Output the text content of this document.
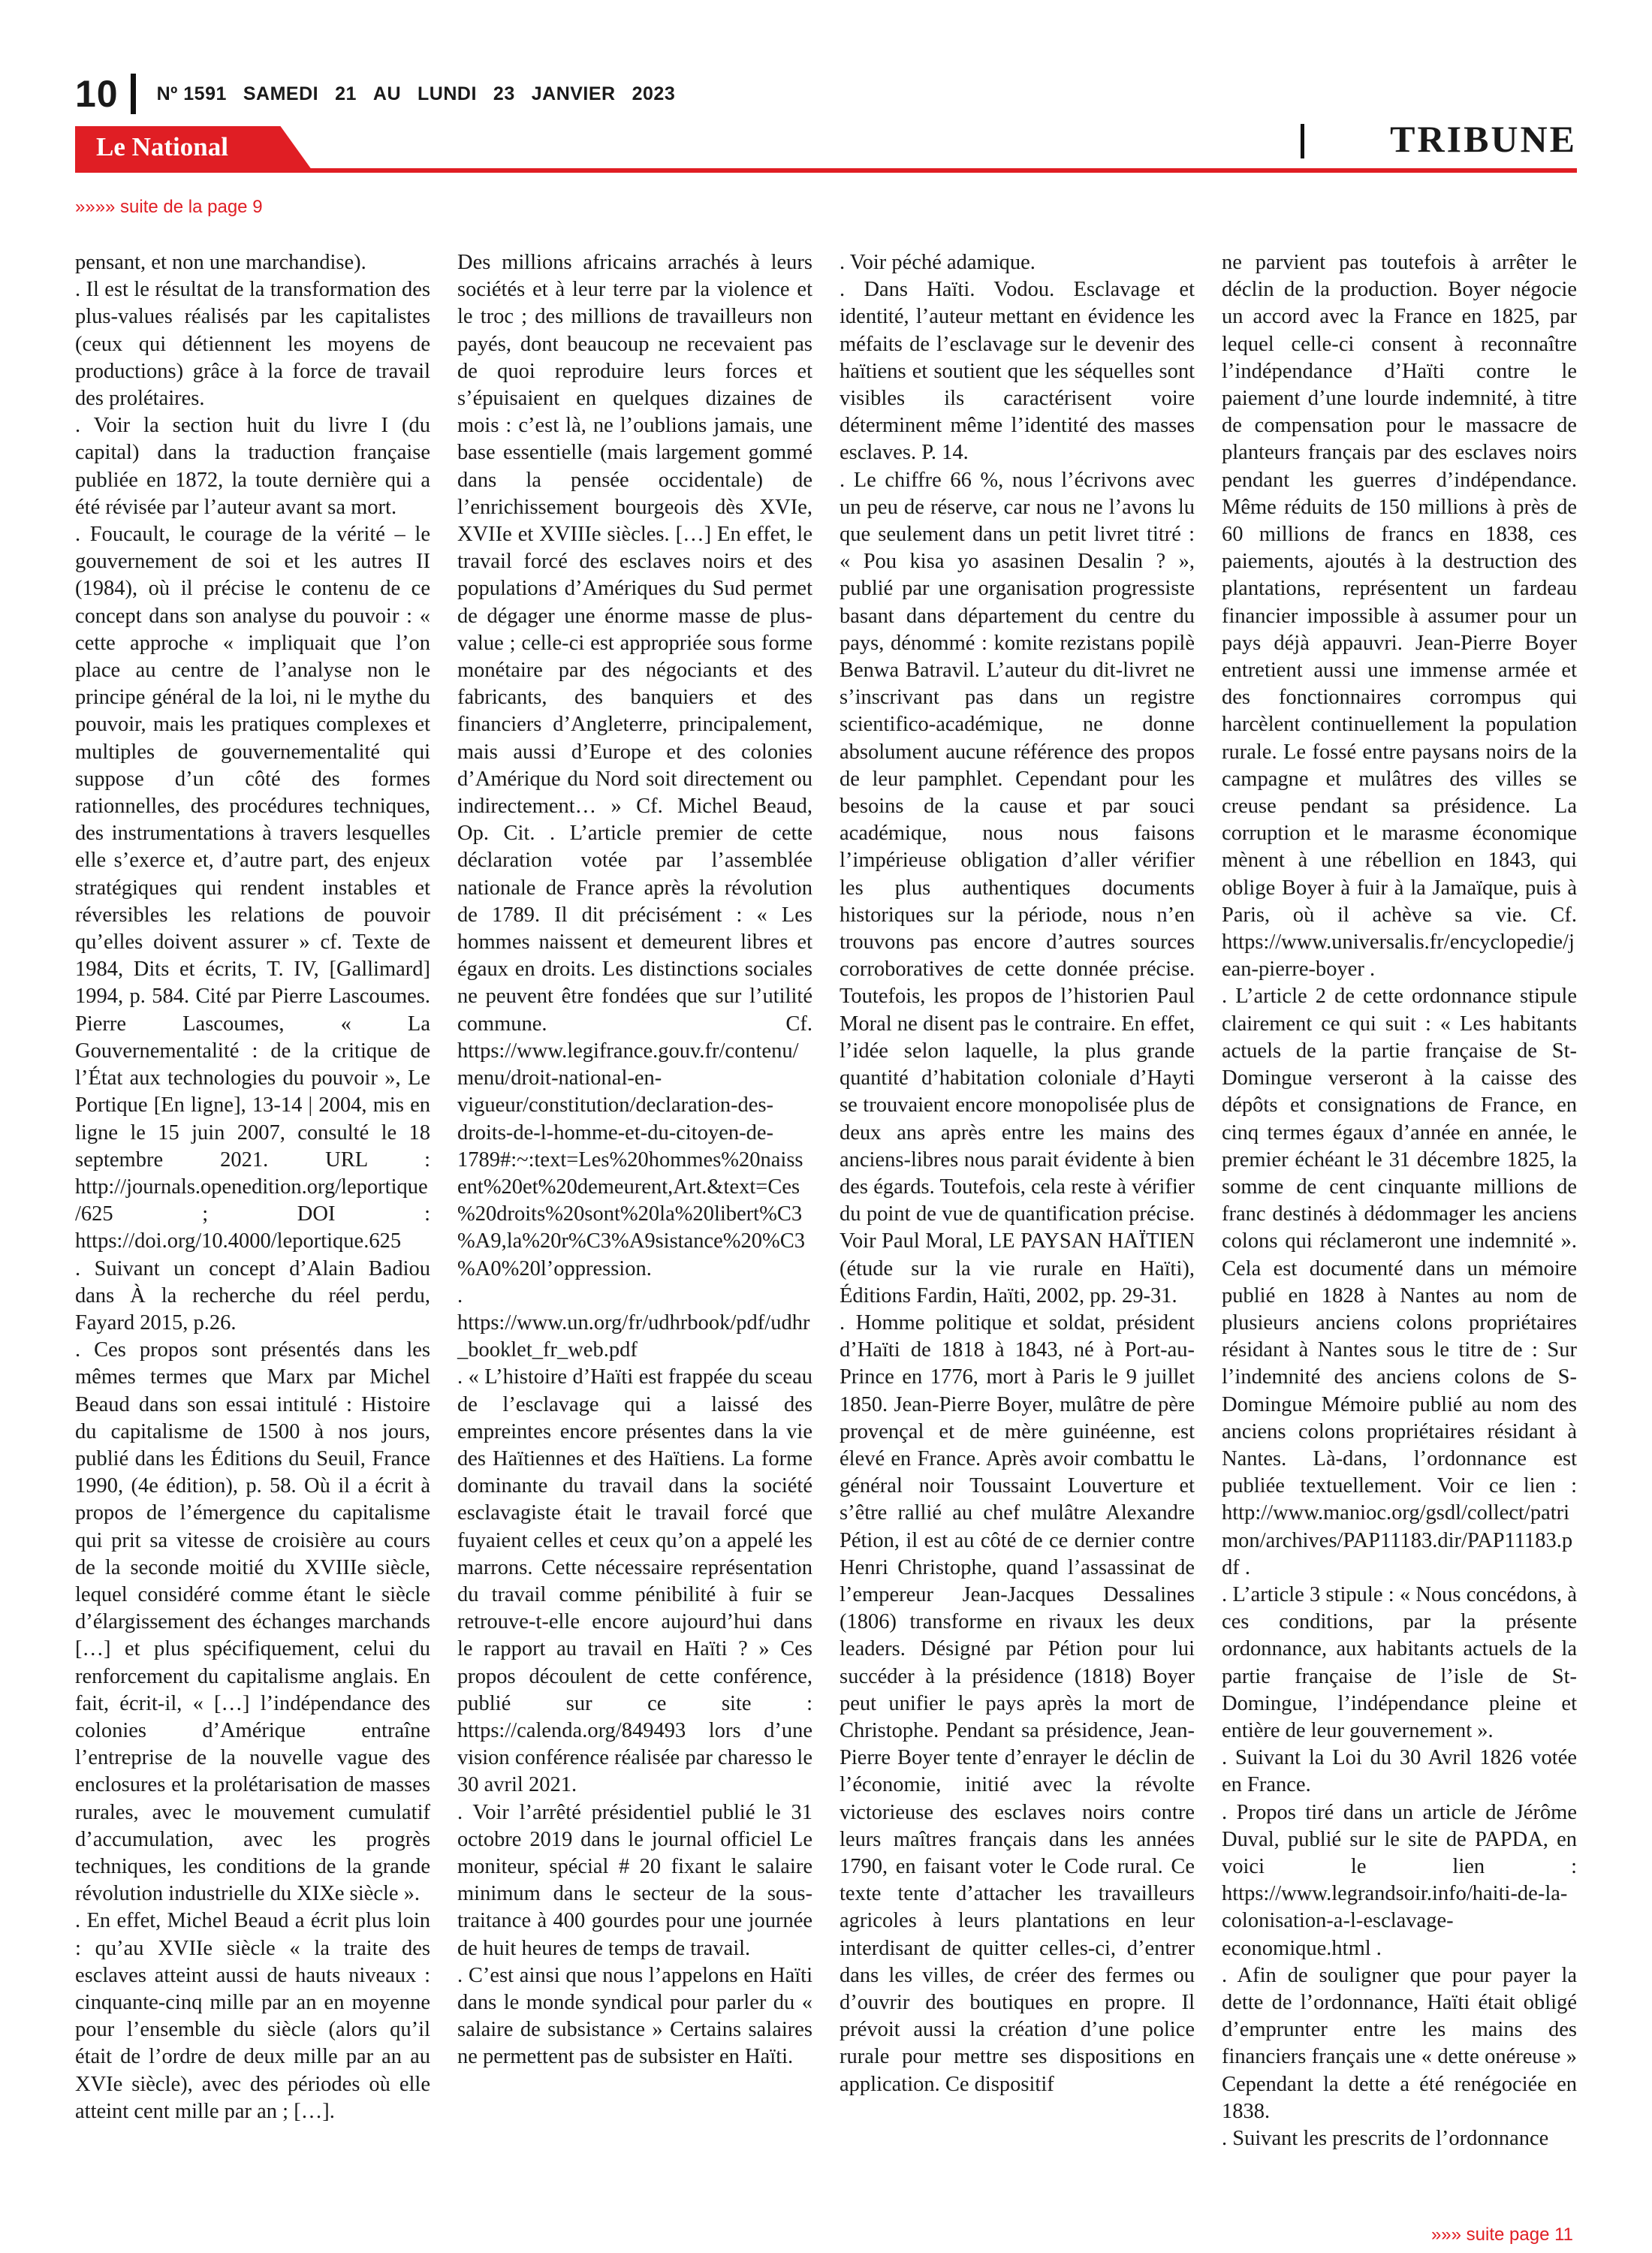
10 Nº 1591 SAMEDI 21 AU LUNDI 23 JANVIER 2023
Le National	TRIBUNE
»»»» suite de la page 9

pensant, et non une marchandise).

. Il est le résultat de la transformation des plus-values réalisés par les capitalistes (ceux qui détiennent les moyens de productions) grâce à la force de travail des prolétaires.

. Voir la section huit du livre I (du capital) dans la traduction française publiée en 1872, la toute dernière qui a été révisée par l’auteur avant sa mort.

. Foucault, le courage de la vérité – le gouvernement de soi et les autres II (1984), où il précise le contenu de ce concept dans son analyse du pouvoir : « cette approche « impliquait que l’on place au centre de l’analyse non le principe général de la loi, ni le mythe du pouvoir, mais les pratiques complexes et multiples de gouvernementalité qui suppose d’un côté des formes rationnelles, des procédures techniques, des instrumentations à travers lesquelles elle s’exerce et, d’autre part, des enjeux stratégiques qui rendent instables et réversibles les relations de pouvoir qu’elles doivent assurer » cf. Texte de 1984, Dits et écrits, T. IV, [Gallimard] 1994, p. 584. Cité par Pierre Lascoumes. Pierre Lascoumes, « La Gouvernementalité : de la critique de l’État aux technologies du pouvoir », Le Portique [En ligne], 13-14 | 2004, mis en ligne le 15 juin 2007, consulté le 18 septembre 2021. URL : http://journals.openedition.org/leportique/625 ; DOI : https://doi.org/10.4000/leportique.625

. Suivant un concept d’Alain Badiou dans À la recherche du réel perdu, Fayard 2015, p.26.

. Ces propos sont présentés dans les mêmes termes que Marx par Michel Beaud dans son essai intitulé : Histoire du capitalisme de 1500 à nos jours, publié dans les Éditions du Seuil, France 1990, (4e édition), p. 58. Où il a écrit à propos de l’émergence du capitalisme qui prit sa vitesse de croisière au cours de la seconde moitié du XVIIIe siècle, lequel considéré comme étant le siècle d’élargissement des échanges marchands […] et plus spécifiquement, celui du renforcement du capitalisme anglais. En fait, écrit-il, « […] l’indépendance des colonies d’Amérique entraîne l’entreprise de la nouvelle vague des enclosures et la prolétarisation de masses rurales, avec le mouvement cumulatif d’accumulation, avec les progrès techniques, les conditions de la grande révolution industrielle du XIXe siècle ».

. En effet, Michel Beaud a écrit plus loin : qu’au XVIIe siècle « la traite des esclaves atteint aussi de hauts niveaux : cinquante-cinq mille par an en moyenne pour l’ensemble du siècle (alors qu’il était de l’ordre de deux mille par an au XVIe siècle), avec des périodes où elle atteint cent mille par an ; […].

Des millions africains arrachés à leurs sociétés et à leur terre par la violence et le troc ; des millions de travailleurs non payés, dont beaucoup ne recevaient pas de quoi reproduire leurs forces et s’épuisaient en quelques dizaines de mois : c’est là, ne l’oublions jamais, une base essentielle (mais largement gommé dans la pensée occidentale) de l’enrichissement bourgeois dès XVIe, XVIIe et XVIIIe siècles. […] En effet, le travail forcé des esclaves noirs et des populations d’Amériques du Sud permet de dégager une énorme masse de plus-value ; celle-ci est appropriée sous forme monétaire par des négociants et des fabricants, des banquiers et des financiers d’Angleterre, principalement, mais aussi d’Europe et des colonies d’Amérique du Nord soit directement ou indirectement… » Cf. Michel Beaud, Op. Cit. . L’article premier de cette déclaration votée par l’assemblée nationale de France après la révolution de 1789. Il dit précisément : « Les hommes naissent et demeurent libres et égaux en droits. Les distinctions sociales ne peuvent être fondées que sur l’utilité commune. Cf. https://www.legifrance.gouv.fr/contenu/menu/droit-national-en-vigueur/constitution/declaration-des-droits-de-l-homme-et-du-citoyen-de-1789#:~:text=Les%20hommes%20naissent%20et%20demeurent,Art.&text=Ces%20droits%20sont%20la%20libert%C3%A9,la%20r%C3%A9sistance%20%C3%A0%20l’oppression.

. https://www.un.org/fr/udhrbook/pdf/udhr_booklet_fr_web.pdf

. « L’histoire d’Haïti est frappée du sceau de l’esclavage qui a laissé des empreintes encore présentes dans la vie des Haïtiennes et des Haïtiens. La forme dominante du travail dans la société esclavagiste était le travail forcé que fuyaient celles et ceux qu’on a appelé les marrons. Cette nécessaire représentation du travail comme pénibilité à fuir se retrouve-t-elle encore aujourd’hui dans le rapport au travail en Haïti ? » Ces propos découlent de cette conférence, publié sur ce site : https://calenda.org/849493 lors d’une vision conférence réalisée par charesso le 30 avril 2021.

. Voir l’arrêté présidentiel publié le 31 octobre 2019 dans le journal officiel Le moniteur, spécial # 20 fixant le salaire minimum dans le secteur de la sous-traitance à 400 gourdes pour une journée de huit heures de temps de travail.

. C’est ainsi que nous l’appelons en Haïti dans le monde syndical pour parler du « salaire de subsistance » Certains salaires ne permettent pas de subsister en Haïti.

. Voir péché adamique.

. Dans Haïti. Vodou. Esclavage et identité, l’auteur mettant en évidence les méfaits de l’esclavage sur le devenir des haïtiens et soutient que les séquelles sont visibles ils caractérisent voire déterminent même l’identité des masses esclaves. P. 14.

. Le chiffre 66 %, nous l’écrivons avec un peu de réserve, car nous ne l’avons lu que seulement dans un petit livret titré : « Pou kisa yo asasinen Desalin ? », publié par une organisation progressiste basant dans département du centre du pays, dénommé : komite rezistans popilè Benwa Batravil. L’auteur du dit-livret ne s’inscrivant pas dans un registre scientifico-académique, ne donne absolument aucune référence des propos de leur pamphlet. Cependant pour les besoins de la cause et par souci académique, nous nous faisons l’impérieuse obligation d’aller vérifier les plus authentiques documents historiques sur la période, nous n’en trouvons pas encore d’autres sources corroboratives de cette donnée précise. Toutefois, les propos de l’historien Paul Moral ne disent pas le contraire. En effet, l’idée selon laquelle, la plus grande quantité d’habitation coloniale d’Hayti se trouvaient encore monopolisée plus de deux ans après entre les mains des anciens-libres nous parait évidente à bien des égards. Toutefois, cela reste à vérifier du point de vue de quantification précise. Voir Paul Moral, LE PAYSAN HAÏTIEN (étude sur la vie rurale en Haïti), Éditions Fardin, Haïti, 2002, pp. 29-31.

. Homme politique et soldat, président d’Haïti de 1818 à 1843, né à Port-au-Prince en 1776, mort à Paris le 9 juillet 1850. Jean-Pierre Boyer, mulâtre de père provençal et de mère guinéenne, est élevé en France. Après avoir combattu le général noir Toussaint Louverture et s’être rallié au chef mulâtre Alexandre Pétion, il est au côté de ce dernier contre Henri Christophe, quand l’assassinat de l’empereur Jean-Jacques Dessalines (1806) transforme en rivaux les deux leaders. Désigné par Pétion pour lui succéder à la présidence (1818) Boyer peut unifier le pays après la mort de Christophe. Pendant sa présidence, Jean-Pierre Boyer tente d’enrayer le déclin de l’économie, initié avec la révolte victorieuse des esclaves noirs contre leurs maîtres français dans les années 1790, en faisant voter le Code rural. Ce texte tente d’attacher les travailleurs agricoles à leurs plantations en leur interdisant de quitter celles-ci, d’entrer dans les villes, de créer des fermes ou d’ouvrir des boutiques en propre. Il prévoit aussi la création d’une police rurale pour mettre ses dispositions en application. Ce dispositif

ne parvient pas toutefois à arrêter le déclin de la production. Boyer négocie un accord avec la France en 1825, par lequel celle-ci consent à reconnaître l’indépendance d’Haïti contre le paiement d’une lourde indemnité, à titre de compensation pour le massacre de planteurs français par des esclaves noirs pendant les guerres d’indépendance. Même réduits de 150 millions à près de 60 millions de francs en 1838, ces paiements, ajoutés à la destruction des plantations, représentent un fardeau financier impossible à assumer pour un pays déjà appauvri. Jean-Pierre Boyer entretient aussi une immense armée et des fonctionnaires corrompus qui harcèlent continuellement la population rurale. Le fossé entre paysans noirs de la campagne et mulâtres des villes se creuse pendant sa présidence. La corruption et le marasme économique mènent à une rébellion en 1843, qui oblige Boyer à fuir à la Jamaïque, puis à Paris, où il achève sa vie. Cf. https://www.universalis.fr/encyclopedie/jean-pierre-boyer .

. L’article 2 de cette ordonnance stipule clairement ce qui suit : « Les habitants actuels de la partie française de St-Domingue verseront à la caisse des dépôts et consignations de France, en cinq termes égaux d’année en année, le premier échéant le 31 décembre 1825, la somme de cent cinquante millions de franc destinés à dédommager les anciens colons qui réclameront une indemnité ». Cela est documenté dans un mémoire publié en 1828 à Nantes au nom de plusieurs anciens colons propriétaires résidant à Nantes sous le titre de : Sur l’indemnité des anciens colons de S-Domingue Mémoire publié au nom des anciens colons propriétaires résidant à Nantes. Là-dans, l’ordonnance est publiée textuellement. Voir ce lien : http://www.manioc.org/gsdl/collect/patrimon/archives/PAP11183.dir/PAP11183.pdf .

. L’article 3 stipule : « Nous concédons, à ces conditions, par la présente ordonnance, aux habitants actuels de la partie française de l’isle de St-Domingue, l’indépendance pleine et entière de leur gouvernement ».

. Suivant la Loi du 30 Avril 1826 votée en France.

. Propos tiré dans un article de Jérôme Duval, publié sur le site de PAPDA, en voici le lien : https://www.legrandsoir.info/haiti-de-la-colonisation-a-l-esclavage-economique.html .

. Afin de souligner que pour payer la dette de l’ordonnance, Haïti était obligé d’emprunter entre les mains des financiers français une « dette onéreuse » Cependant la dette a été renégociée en 1838.

. Suivant les prescrits de l’ordonnance

»»» suite page 11
